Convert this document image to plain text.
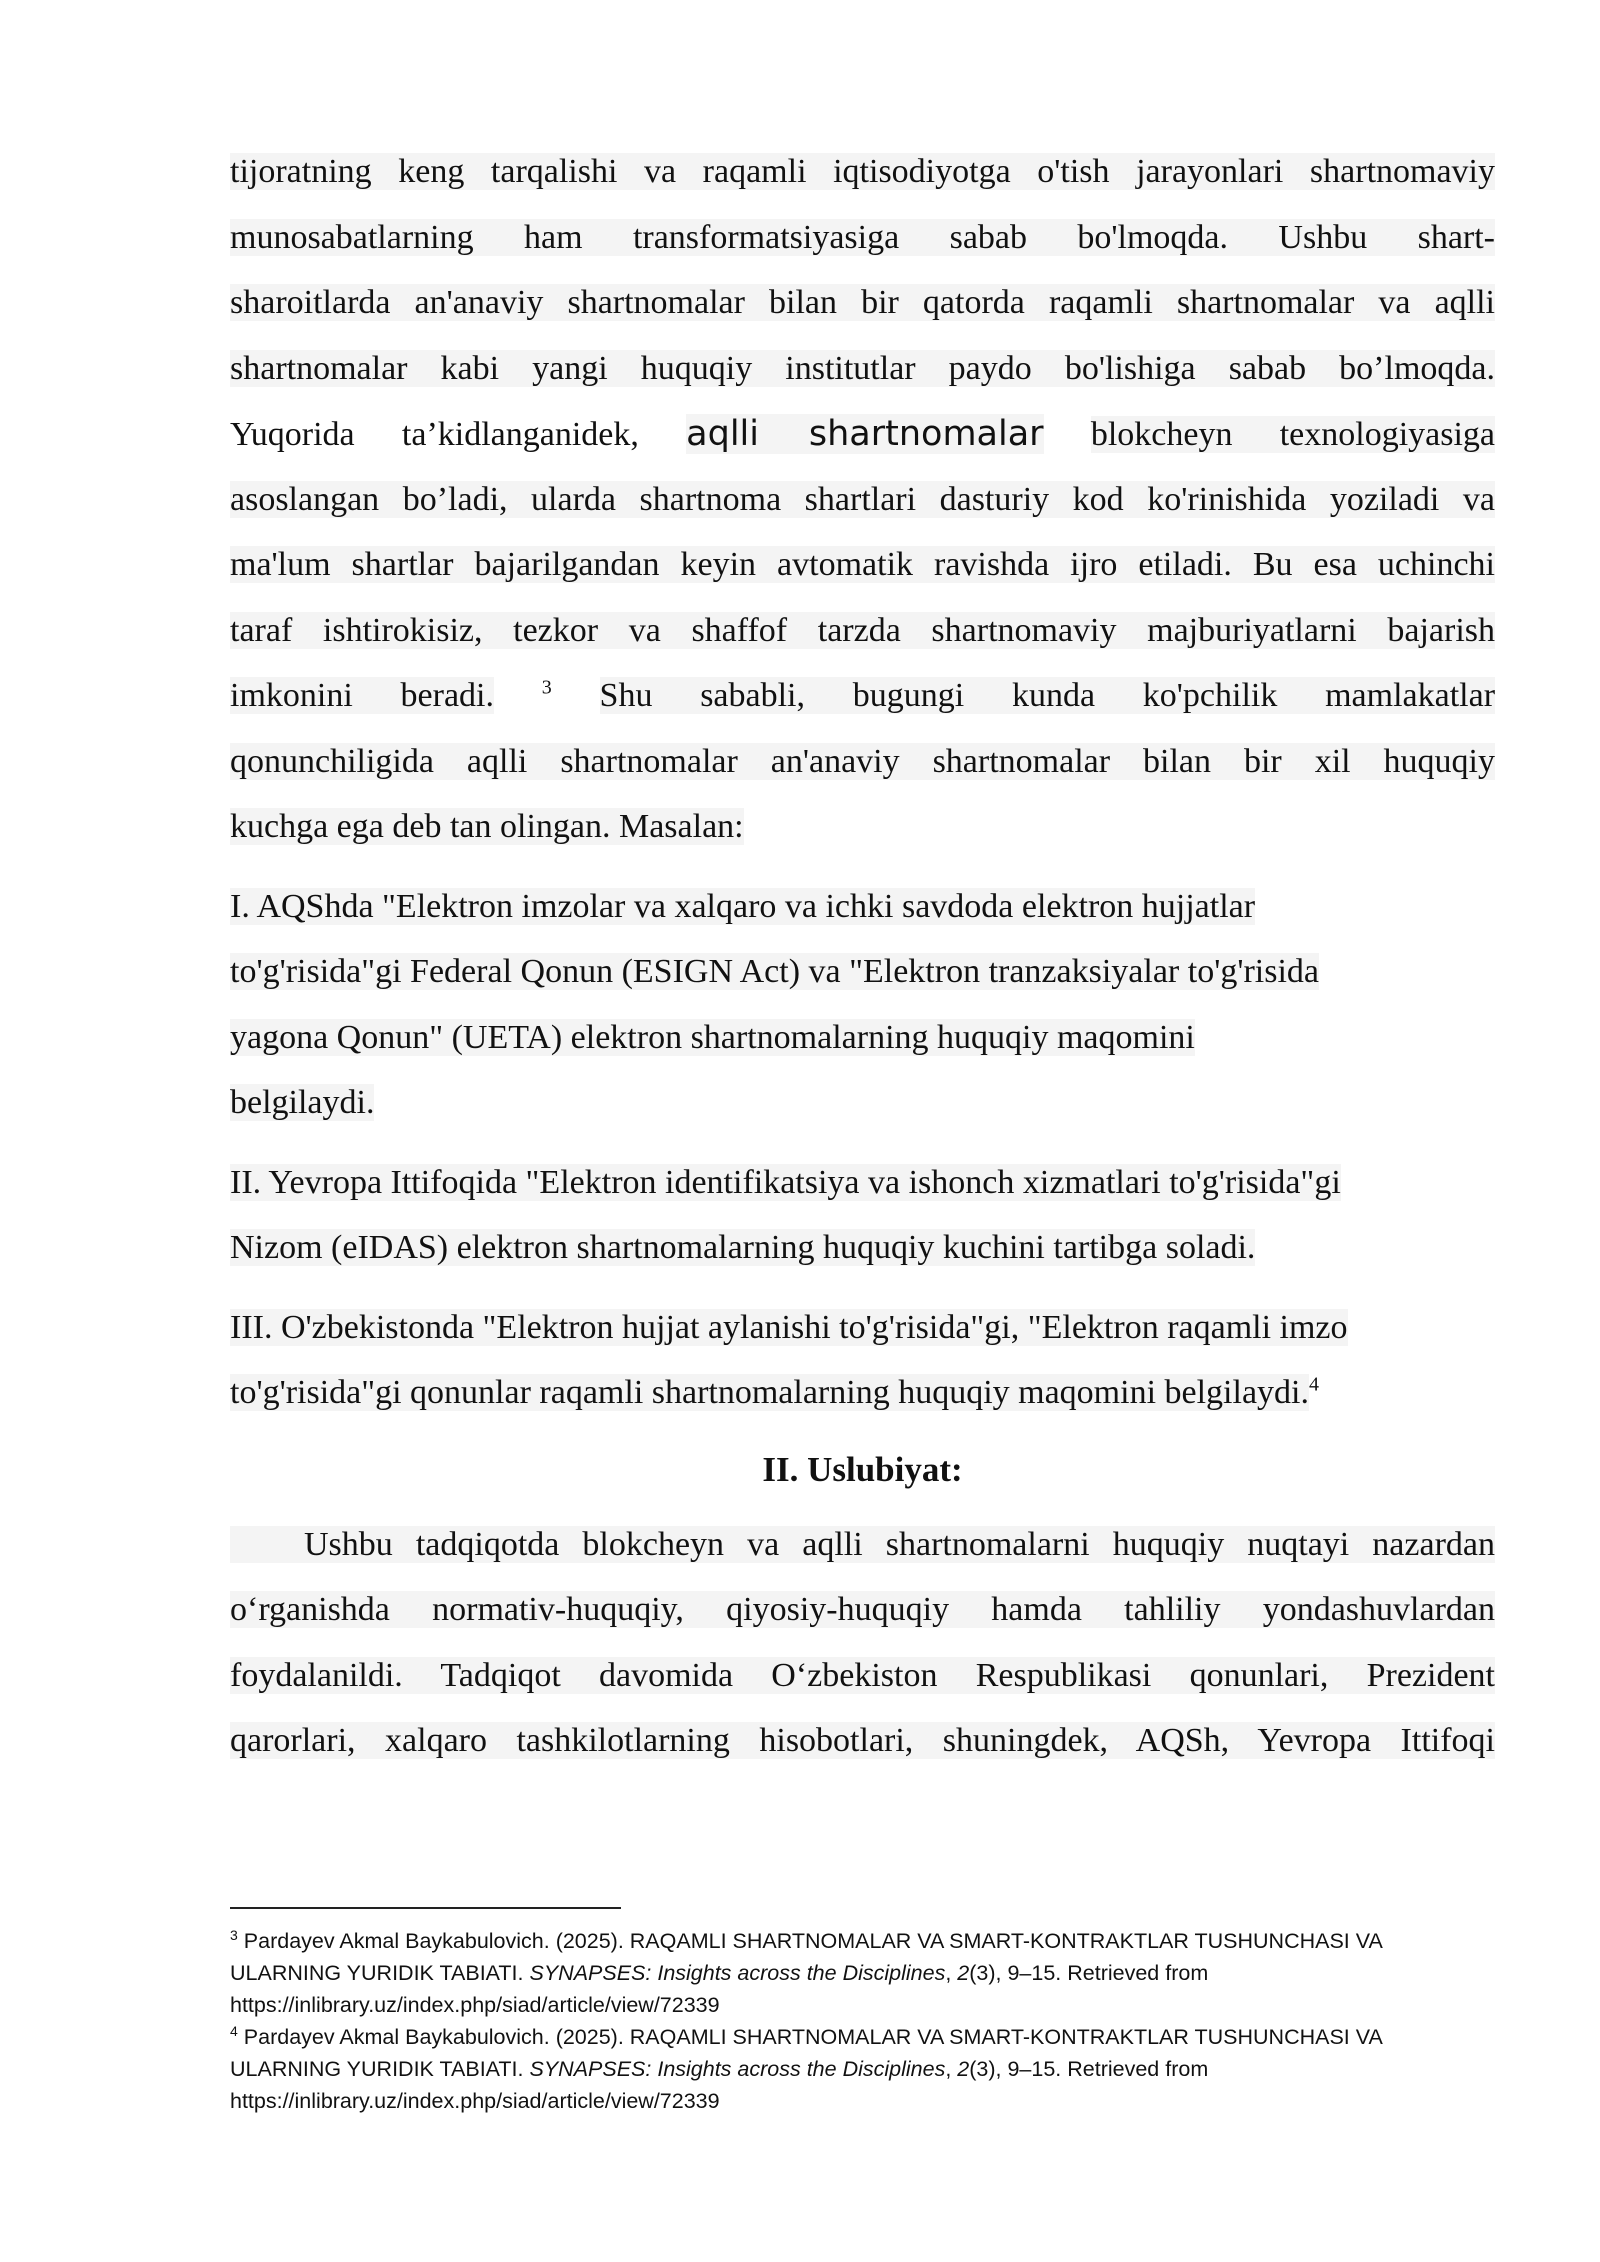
tijoratning keng tarqalishi va raqamli iqtisodiyotga o'tish jarayonlari shartnomaviy
munosabatlarning ham transformatsiyasiga sabab bo'lmoqda. Ushbu shart-
sharoitlarda an'anaviy shartnomalar bilan bir qatorda raqamli shartnomalar va aqlli
shartnomalar kabi yangi huquqiy institutlar paydo bo'lishiga sabab bo’lmoqda.
Yuqorida ta’kidlanganidek, aqlli shartnomalar blokcheyn texnologiyasiga
asoslangan bo’ladi, ularda shartnoma shartlari dasturiy kod ko'rinishida yoziladi va
ma'lum shartlar bajarilgandan keyin avtomatik ravishda ijro etiladi. Bu esa uchinchi
taraf ishtirokisiz, tezkor va shaffof tarzda shartnomaviy majburiyatlarni bajarish
imkonini beradi. $^3$ Shu sababli, bugungi kunda ko'pchilik mamlakatlar
qonunchiligida aqlli shartnomalar an'anaviy shartnomalar bilan bir xil huquqiy
kuchga ega deb tan olingan. Masalan:
I. AQShda "Elektron imzolar va xalqaro va ichki savdoda elektron hujjatlar
to'g'risida"gi Federal Qonun (ESIGN Act) va "Elektron tranzaksiyalar to'g'risida
yagona Qonun" (UETA) elektron shartnomalarning huquqiy maqomini
belgilaydi.
II. Yevropa Ittifoqida "Elektron identifikatsiya va ishonch xizmatlari to'g'risida"gi
Nizom (eIDAS) elektron shartnomalarning huquqiy kuchini tartibga soladi.
III. O'zbekistonda "Elektron hujjat aylanishi to'g'risida"gi, "Elektron raqamli imzo
to'g'risida"gi qonunlar raqamli shartnomalarning huquqiy maqomini belgilaydi.$^4$
II. Uslubiyat:
Ushbu tadqiqotda blokcheyn va aqlli shartnomalarni huquqiy nuqtayi nazardan
o‘rganishda normativ-huquqiy, qiyosiy-huquqiy hamda tahliliy yondashuvlardan
foydalanildi. Tadqiqot davomida O‘zbekiston Respublikasi qonunlari, Prezident
qarorlari, xalqaro tashkilotlarning hisobotlari, shuningdek, AQSh, Yevropa Ittifoqi
$^3$ Pardayev Akmal Baykabulovich. (2025). RAQAMLI SHARTNOMALAR VA SMART-KONTRAKTLAR TUSHUNCHASI VA
ULARNING YURIDIK TABIATI. SYNAPSES: Insights across the Disciplines, 2(3), 9–15. Retrieved from
https://inlibrary.uz/index.php/siad/article/view/72339
$^4$ Pardayev Akmal Baykabulovich. (2025). RAQAMLI SHARTNOMALAR VA SMART-KONTRAKTLAR TUSHUNCHASI VA
ULARNING YURIDIK TABIATI. SYNAPSES: Insights across the Disciplines, 2(3), 9–15. Retrieved from
https://inlibrary.uz/index.php/siad/article/view/72339
